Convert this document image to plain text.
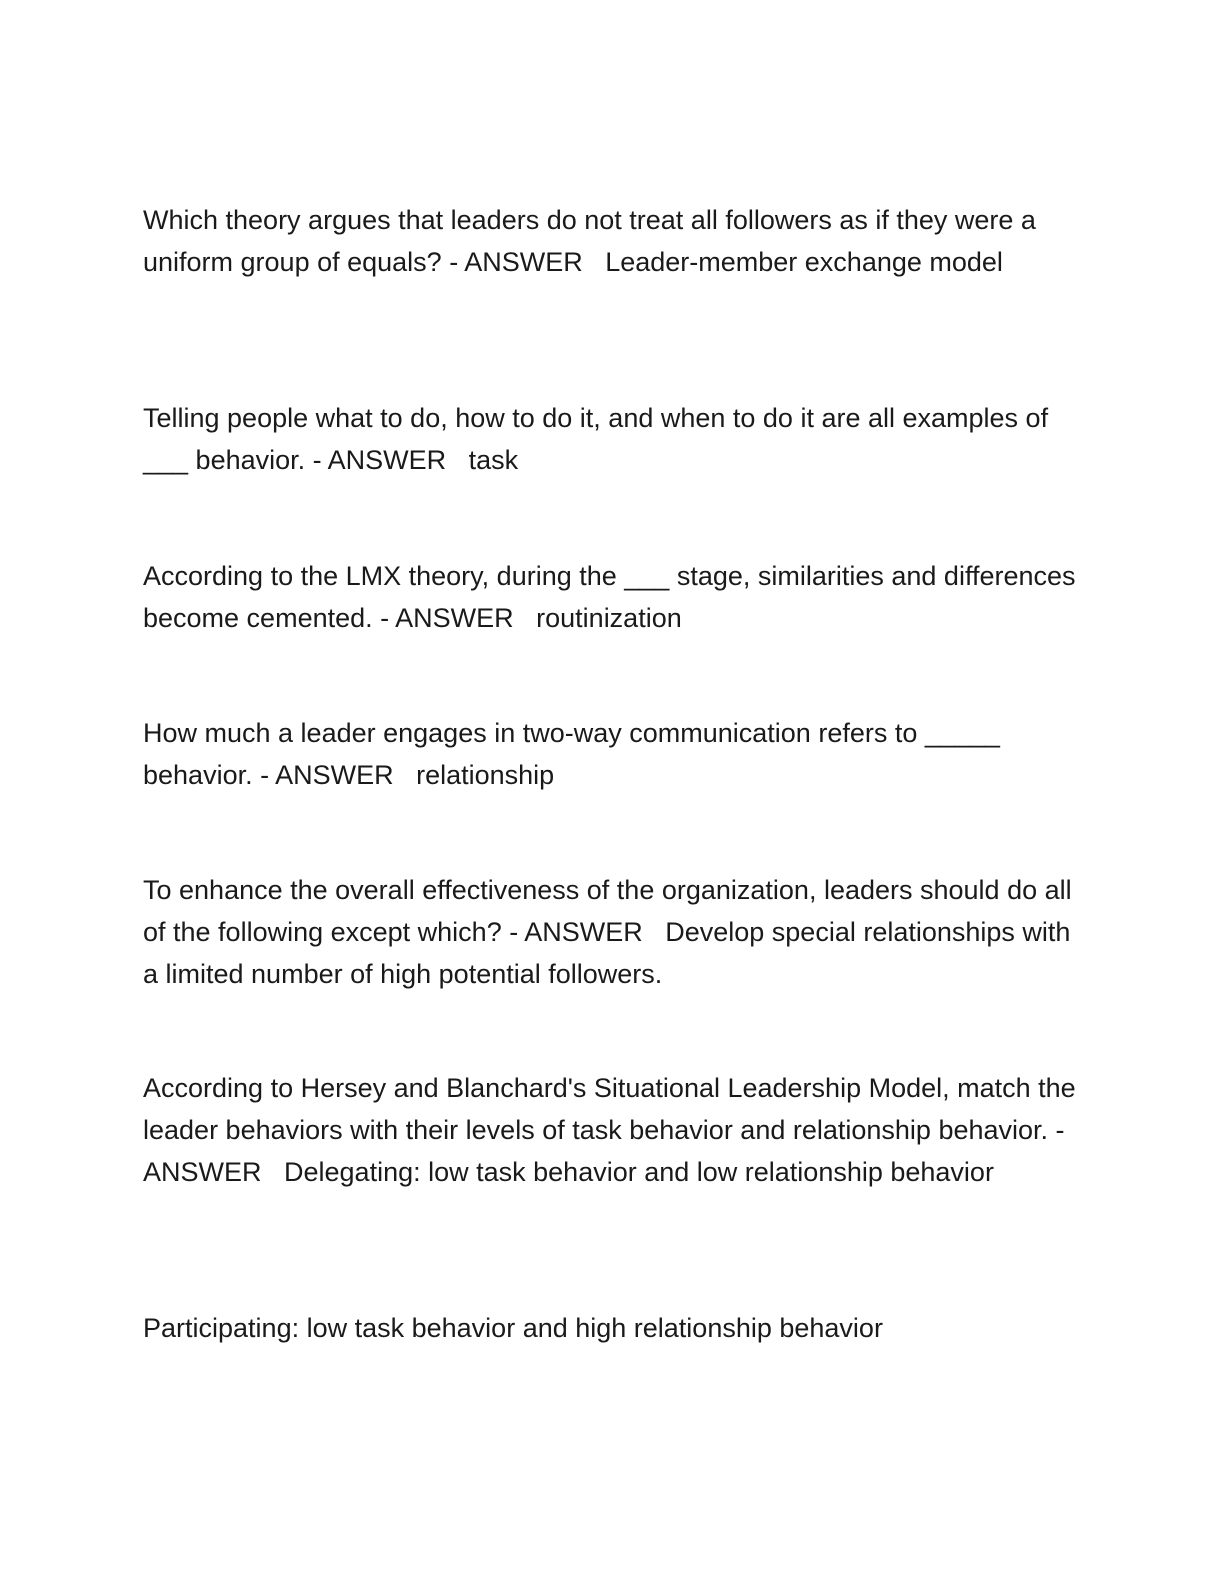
Which theory argues that leaders do not treat all followers as if they were a uniform group of equals? - ANSWER   Leader-member exchange model

Telling people what to do, how to do it, and when to do it are all examples of ___ behavior. - ANSWER   task

According to the LMX theory, during the ___ stage, similarities and differences become cemented. - ANSWER   routinization

How much a leader engages in two-way communication refers to _____ behavior. - ANSWER   relationship

To enhance the overall effectiveness of the organization, leaders should do all of the following except which? - ANSWER   Develop special relationships with a limited number of high potential followers.

According to Hersey and Blanchard's Situational Leadership Model, match the leader behaviors with their levels of task behavior and relationship behavior. - ANSWER   Delegating: low task behavior and low relationship behavior

Participating: low task behavior and high relationship behavior
